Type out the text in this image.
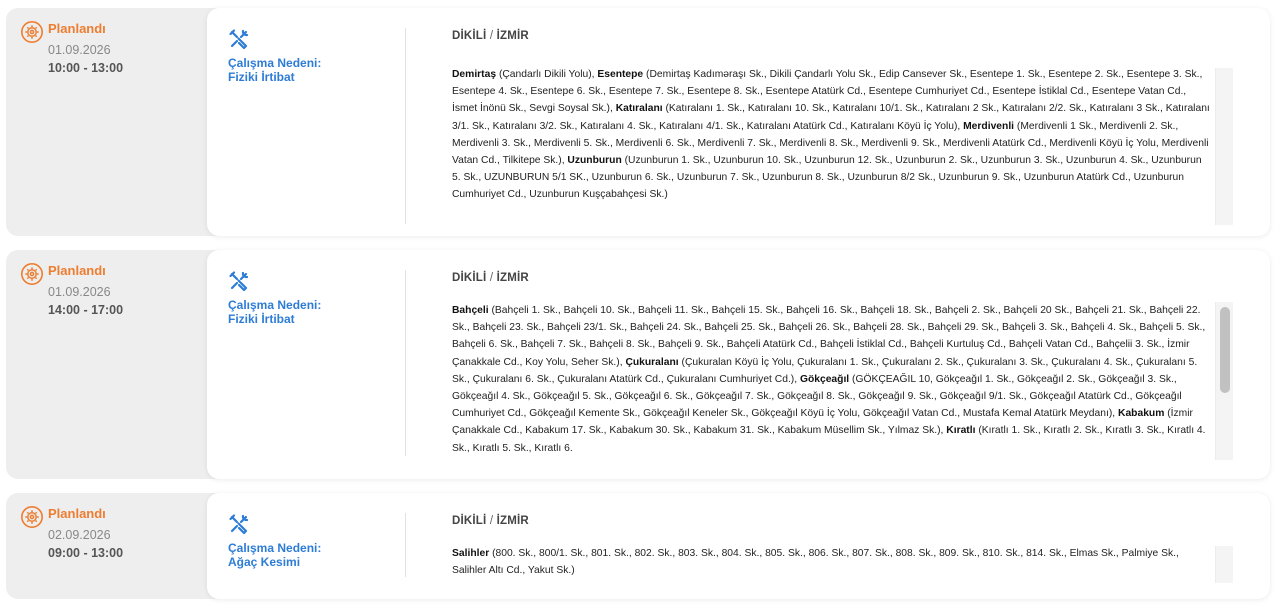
Planlandı
01.09.2026
10:00 - 13:00	Çalışma Nedeni:
Fiziki İrtibat
DİKİLİ / İZMİR
Demirtaş (Çandarlı Dikili Yolu), Esentepe (Demirtaş Kadıməraşı Sk., Dikili Çandarlı Yolu Sk., Edip Cansever Sk., Esentepe 1. Sk., Esentepe 2. Sk., Esentepe 3. Sk., Esentepe 4. Sk., Esentepe 6. Sk., Esentepe 7. Sk., Esentepe 8. Sk., Esentepe Atatürk Cd., Esentepe Cumhuriyet Cd., Esentepe İstiklal Cd., Esentepe Vatan Cd., İsmet İnönü Sk., Sevgi Soysal Sk.), Katıralanı (Katıralanı 1. Sk., Katıralanı 10. Sk., Katıralanı 10/1. Sk., Katıralanı 2 Sk., Katıralanı 2/2. Sk., Katıralanı 3 Sk., Katıralanı 3/1. Sk., Katıralanı 3/2. Sk., Katıralanı 4. Sk., Katıralanı 4/1. Sk., Katıralanı Atatürk Cd., Katıralanı Köyü İç Yolu), Merdivenli (Merdivenli 1 Sk., Merdivenli 2. Sk., Merdivenli 3. Sk., Merdivenli 5. Sk., Merdivenli 6. Sk., Merdivenli 7. Sk., Merdivenli 8. Sk., Merdivenli 9. Sk., Merdivenli Atatürk Cd., Merdivenli Köyü İç Yolu, Merdivenli Vatan Cd., Tilkitepe Sk.), Uzunburun (Uzunburun 1. Sk., Uzunburun 10. Sk., Uzunburun 12. Sk., Uzunburun 2. Sk., Uzunburun 3. Sk., Uzunburun 4. Sk., Uzunburun 5. Sk., UZUNBURUN 5/1 SK., Uzunburun 6. Sk., Uzunburun 7. Sk., Uzunburun 8. Sk., Uzunburun 8/2 Sk., Uzunburun 9. Sk., Uzunburun Atatürk Cd., Uzunburun Cumhuriyet Cd., Uzunburun Kuşçabahçesi Sk.)
Planlandı
01.09.2026
14:00 - 17:00	Çalışma Nedeni:
Fiziki İrtibat
DİKİLİ / İZMİR
Bahçeli (Bahçeli 1. Sk., Bahçeli 10. Sk., Bahçeli 11. Sk., Bahçeli 15. Sk., Bahçeli 16. Sk., Bahçeli 18. Sk., Bahçeli 2. Sk., Bahçeli 20 Sk., Bahçeli 21. Sk., Bahçeli 22. Sk., Bahçeli 23. Sk., Bahçeli 23/1. Sk., Bahçeli 24. Sk., Bahçeli 25. Sk., Bahçeli 26. Sk., Bahçeli 28. Sk., Bahçeli 29. Sk., Bahçeli 3. Sk., Bahçeli 4. Sk., Bahçeli 5. Sk., Bahçeli 6. Sk., Bahçeli 7. Sk., Bahçeli 8. Sk., Bahçeli 9. Sk., Bahçeli Atatürk Cd., Bahçeli İstiklal Cd., Bahçeli Kurtuluş Cd., Bahçeli Vatan Cd., Bahçelii 3. Sk., İzmir Çanakkale Cd., Koy Yolu, Seher Sk.), Çukuralanı (Çukuralan Köyü İç Yolu, Çukuralanı 1. Sk., Çukuralanı 2. Sk., Çukuralanı 3. Sk., Çukuralanı 4. Sk., Çukuralanı 5. Sk., Çukuralanı 6. Sk., Çukuralanı Atatürk Cd., Çukuralanı Cumhuriyet Cd.), Gökçeağıl (GÖKÇEAĞIL 10, Gökçeağıl 1. Sk., Gökçeağıl 2. Sk., Gökçeağıl 3. Sk., Gökçeağıl 4. Sk., Gökçeağıl 5. Sk., Gökçeağıl 6. Sk., Gökçeağıl 7. Sk., Gökçeağıl 8. Sk., Gökçeağıl 9. Sk., Gökçeağıl 9/1. Sk., Gökçeağıl Atatürk Cd., Gökçeağıl Cumhuriyet Cd., Gökçeağıl Kemente Sk., Gökçeağıl Keneler Sk., Gökçeağıl Köyü İç Yolu, Gökçeağıl Vatan Cd., Mustafa Kemal Atatürk Meydanı), Kabakum (İzmir Çanakkale Cd., Kabakum 17. Sk., Kabakum 30. Sk., Kabakum 31. Sk., Kabakum Müsellim Sk., Yılmaz Sk.), Kıratlı (Kıratlı 1. Sk., Kıratlı 2. Sk., Kıratlı 3. Sk., Kıratlı 4. Sk., Kıratlı 5. Sk., Kıratlı 6.
Planlandı
02.09.2026
09:00 - 13:00	Çalışma Nedeni:
Ağaç Kesimi
DİKİLİ / İZMİR
Salihler (800. Sk., 800/1. Sk., 801. Sk., 802. Sk., 803. Sk., 804. Sk., 805. Sk., 806. Sk., 807. Sk., 808. Sk., 809. Sk., 810. Sk., 814. Sk., Elmas Sk., Palmiye Sk., Salihler Altı Cd., Yakut Sk.)
